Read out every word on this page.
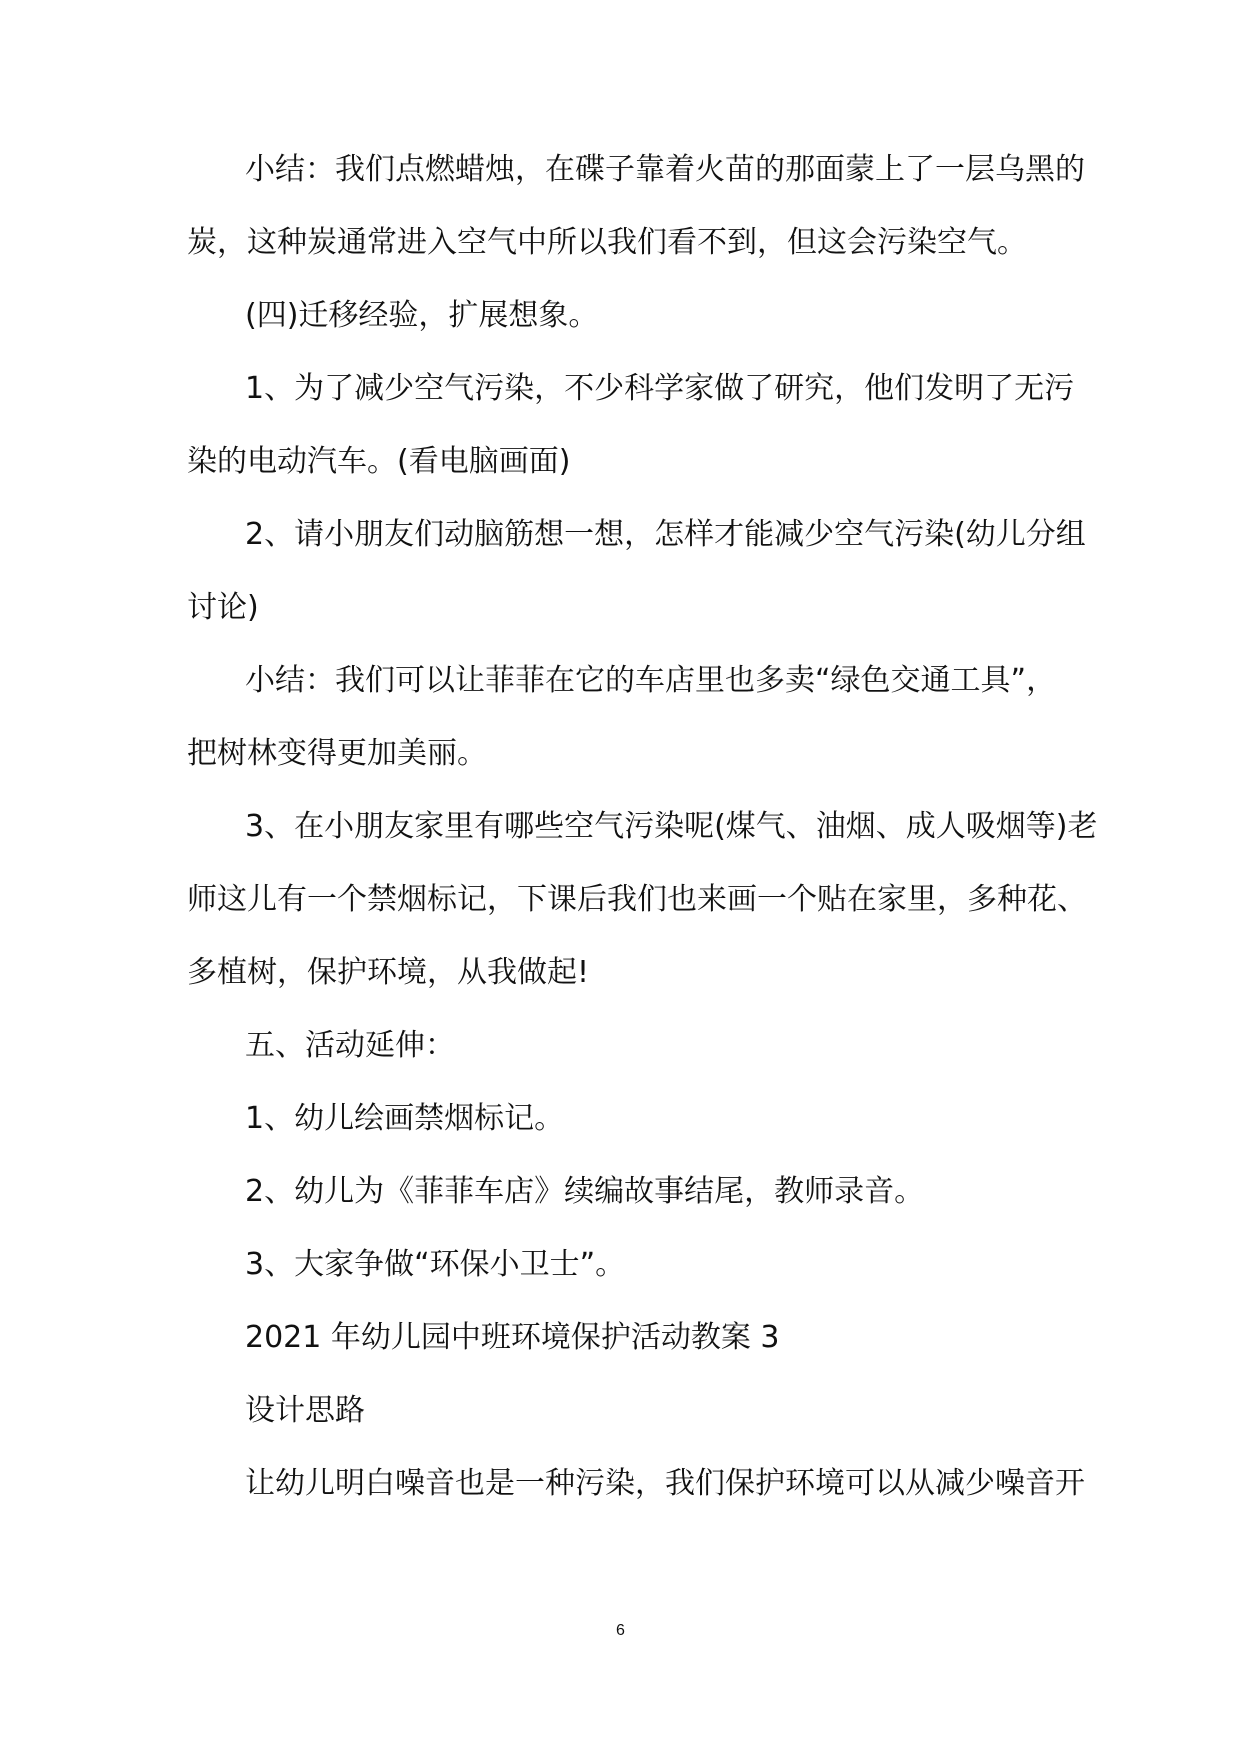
小结：我们点燃蜡烛，在碟子靠着火苗的那面蒙上了一层乌黑的

炭，这种炭通常进入空气中所以我们看不到，但这会污染空气。

(四)迁移经验，扩展想象。

1、为了减少空气污染，不少科学家做了研究，他们发明了无污

染的电动汽车。(看电脑画面)

2、请小朋友们动脑筋想一想，怎样才能减少空气污染(幼儿分组

讨论)

小结：我们可以让菲菲在它的车店里也多卖“绿色交通工具”，

把树林变得更加美丽。

3、在小朋友家里有哪些空气污染呢(煤气、油烟、成人吸烟等)老

师这儿有一个禁烟标记，下课后我们也来画一个贴在家里，多种花、

多植树，保护环境，从我做起!

五、活动延伸：

1、幼儿绘画禁烟标记。

2、幼儿为《菲菲车店》续编故事结尾，教师录音。

3、大家争做“环保小卫士”。

2021 年幼儿园中班环境保护活动教案 3

设计思路

让幼儿明白噪音也是一种污染，我们保护环境可以从减少噪音开

6
